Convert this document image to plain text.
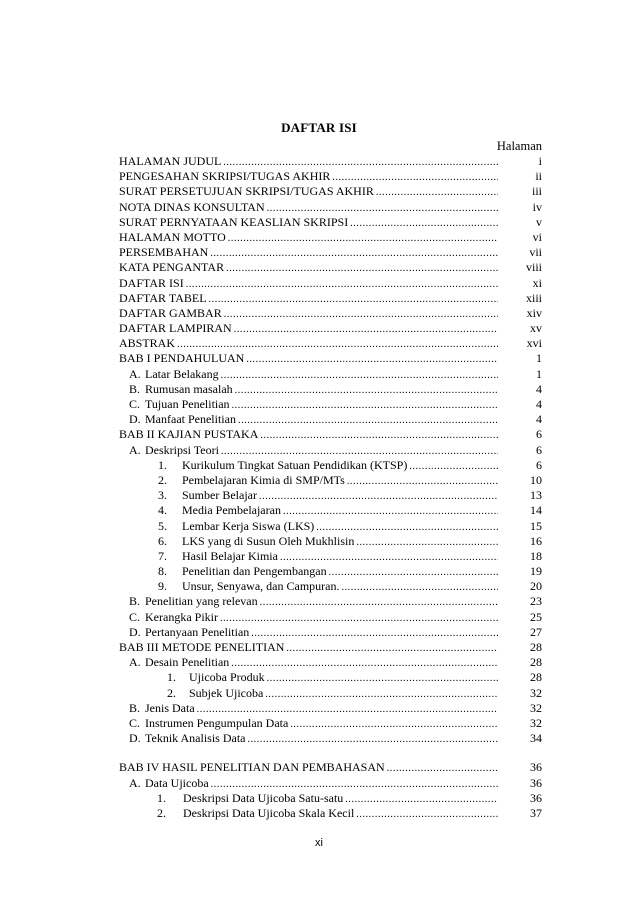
DAFTAR ISI
Halaman
HALAMAN JUDUL .....	i
PENGESAHAN SKRIPSI/TUGAS AKHIR .....	ii
SURAT PERSETUJUAN SKRIPSI/TUGAS AKHIR .....	iii
NOTA DINAS KONSULTAN .....	iv
SURAT PERNYATAAN KEASLIAN SKRIPSI .....	v
HALAMAN MOTTO .....	vi
PERSEMBAHAN .....	vii
KATA PENGANTAR .....	viii
DAFTAR ISI .....	xi
DAFTAR TABEL .....	xiii
DAFTAR GAMBAR .....	xiv
DAFTAR LAMPIRAN .....	xv
ABSTRAK .....	xvi
BAB I PENDAHULUAN .....	1
A. Latar Belakang .....	1
B. Rumusan masalah .....	4
C. Tujuan Penelitian .....	4
D. Manfaat Penelitian .....	4
BAB II KAJIAN PUSTAKA .....	6
A. Deskripsi Teori .....	6
1.	Kurikulum Tingkat Satuan Pendidikan (KTSP) .....	6
2.	Pembelajaran Kimia di SMP/MTs .....	10
3.	Sumber Belajar .....	13
4.	Media Pembelajaran .....	14
5.	Lembar Kerja Siswa (LKS) .....	15
6.	LKS yang di Susun Oleh Mukhlisin .....	16
7.	Hasil Belajar Kimia .....	18
8.	Penelitian dan Pengembangan .....	19
9.	Unsur, Senyawa, dan Campuran. .....	20
B. Penelitian yang relevan .....	23
C. Kerangka Pikir .....	25
D. Pertanyaan Penelitian .....	27
BAB III METODE PENELITIAN .....	28
A. Desain Penelitian .....	28
1.	Ujicoba Produk .....	28
2.	Subjek Ujicoba .....	32
B. Jenis Data .....	32
C. Instrumen Pengumpulan Data .....	32
D. Teknik Analisis Data .....	34
BAB IV HASIL PENELITIAN DAN PEMBAHASAN .....	36
A. Data Ujicoba .....	36
1.	Deskripsi Data Ujicoba Satu-satu .....	36
2.	Deskripsi Data Ujicoba Skala Kecil .....	37
xi
